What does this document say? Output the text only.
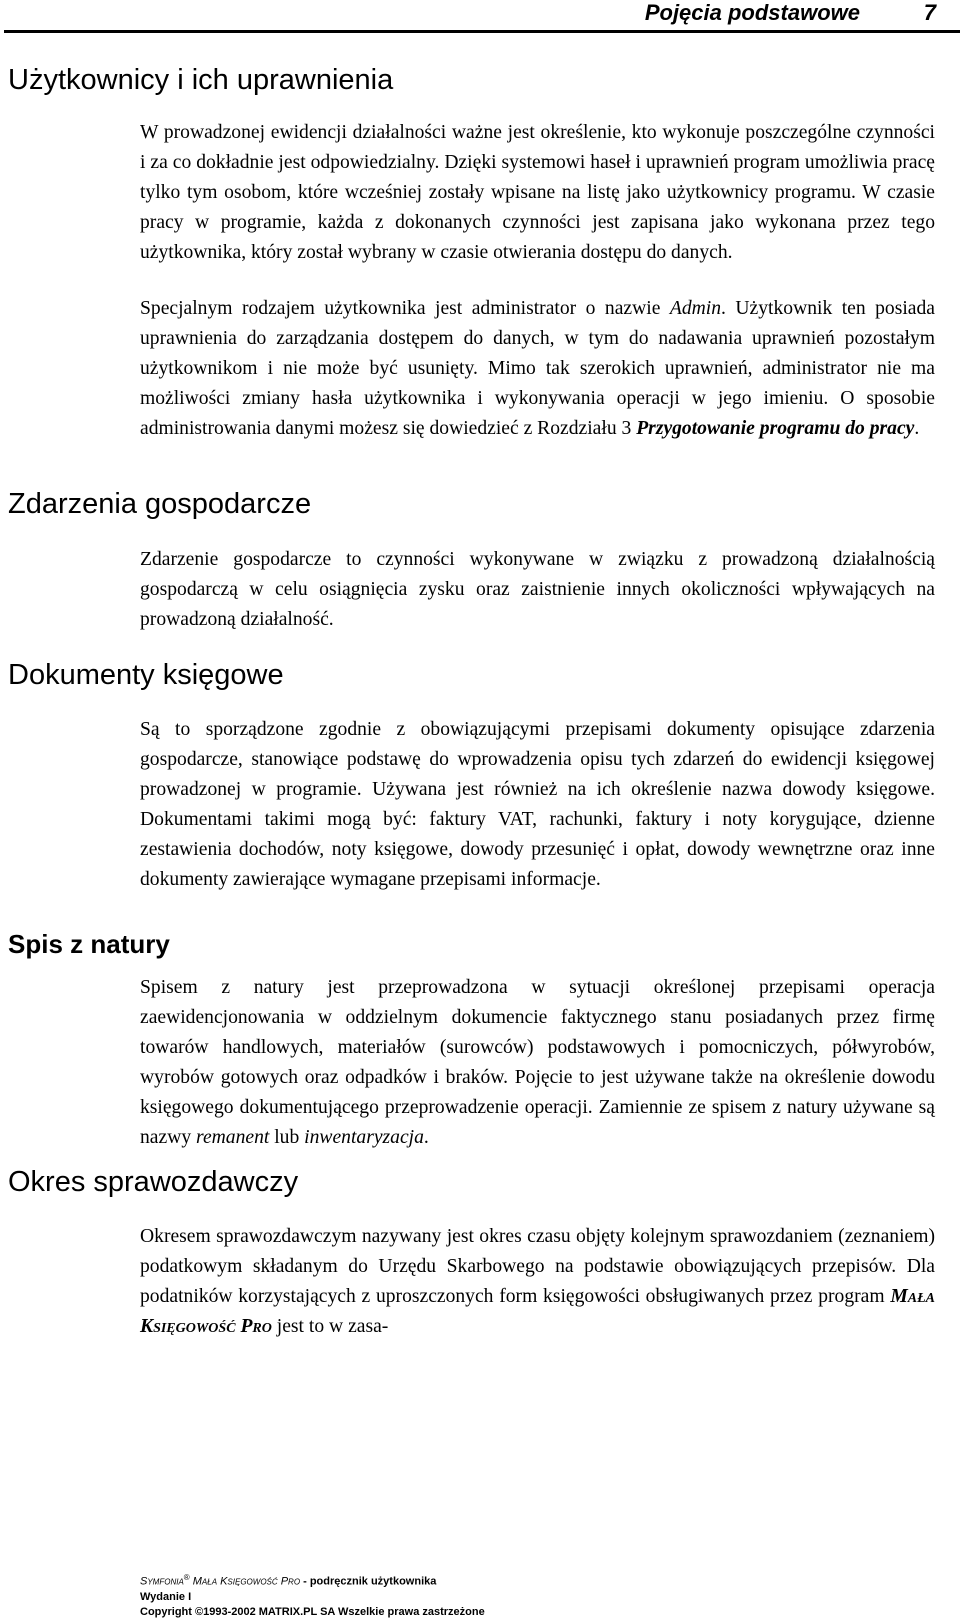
Pojęcia podstawowe	7
Użytkownicy i ich uprawnienia
W prowadzonej ewidencji działalności ważne jest określenie, kto wykonuje poszczególne czynności i za co dokładnie jest odpowiedzialny. Dzięki systemowi haseł i uprawnień program umożliwia pracę tylko tym osobom, które wcześniej zostały wpisane na listę jako użytkownicy programu. W czasie pracy w programie, każda z dokonanych czynności jest zapisana jako wykonana przez tego użytkownika, który został wybrany w czasie otwierania dostępu do danych.
Specjalnym rodzajem użytkownika jest administrator o nazwie Admin. Użytkownik ten posiada uprawnienia do zarządzania dostępem do danych, w tym do nadawania uprawnień pozostałym użytkownikom i nie może być usunięty. Mimo tak szerokich uprawnień, administrator nie ma możliwości zmiany hasła użytkownika i wykonywania operacji w jego imieniu. O sposobie administrowania danymi możesz się dowiedzieć z Rozdziału 3 Przygotowanie programu do pracy.
Zdarzenia gospodarcze
Zdarzenie gospodarcze to czynności wykonywane w związku z prowadzoną działalnością gospodarczą w celu osiągnięcia zysku oraz zaistnienie innych okoliczności wpływających na prowadzoną działalność.
Dokumenty księgowe
Są to sporządzone zgodnie z obowiązującymi przepisami dokumenty opisujące zdarzenia gospodarcze, stanowiące podstawę do wprowadzenia opisu tych zdarzeń do ewidencji księgowej prowadzonej w programie. Używana jest również na ich określenie nazwa dowody księgowe. Dokumentami takimi mogą być: faktury VAT, rachunki, faktury i noty korygujące, dzienne zestawienia dochodów, noty księgowe, dowody przesunięć i opłat, dowody wewnętrzne oraz inne dokumenty zawierające wymagane przepisami informacje.
Spis z natury
Spisem z natury jest przeprowadzona w sytuacji określonej przepisami operacja zaewidencjonowania w oddzielnym dokumencie faktycznego stanu posiadanych przez firmę towarów handlowych, materiałów (surowców) podstawowych i pomocniczych, półwyrobów, wyrobów gotowych oraz odpadków i braków. Pojęcie to jest używane także na określenie dowodu księgowego dokumentującego przeprowadzenie operacji. Zamiennie ze spisem z natury używane są nazwy remanent lub inwentaryzacja.
Okres sprawozdawczy
Okresem sprawozdawczym nazywany jest okres czasu objęty kolejnym sprawozdaniem (zeznaniem) podatkowym składanym do Urzędu Skarbowego na podstawie obowiązujących przepisów. Dla podatników korzystających z uproszczonych form księgowości obsługiwanych przez program Mała Księgowość Pro jest to w zasa-
Symfonia® Mała Księgowość Pro - podręcznik użytkownika
Wydanie I
Copyright ©1993-2002 MATRIX.PL SA Wszelkie prawa zastrzeżone
